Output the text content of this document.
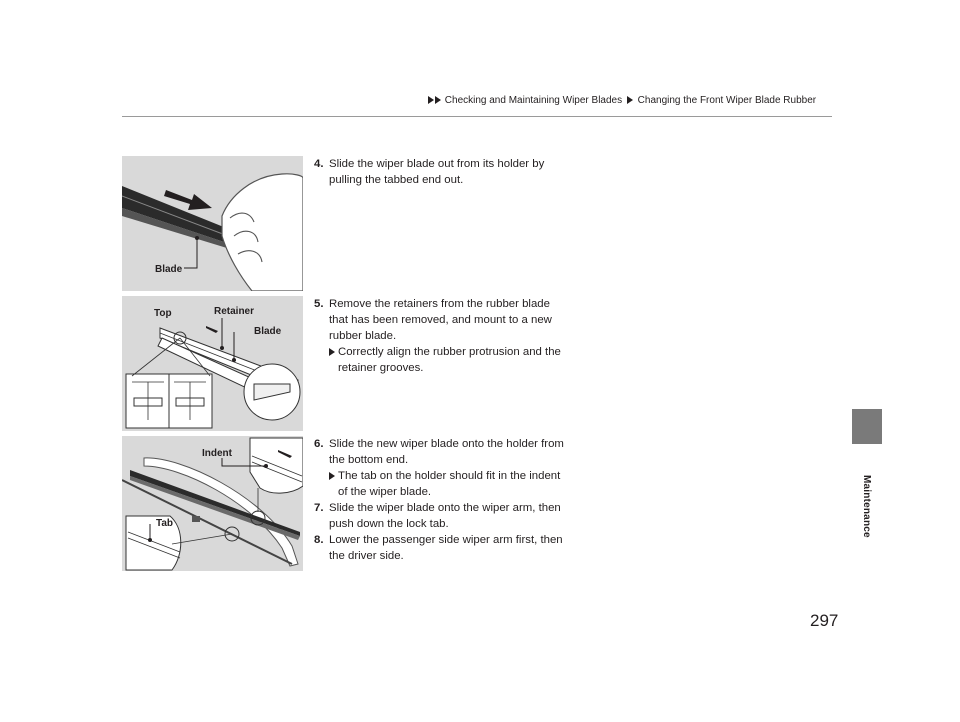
Checking and Maintaining Wiper Blades Changing the Front Wiper Blade Rubber
Maintenance
Blade
Top	Retainer
Blade
Indent
Tab
4. Slide the wiper blade out from its holder by pulling the tabbed end out.
5. Remove the retainers from the rubber blade that has been removed, and mount to a new rubber blade.
Correctly align the rubber protrusion and the retainer grooves.
6. Slide the new wiper blade onto the holder from the bottom end.
The tab on the holder should fit in the indent of the wiper blade.
7. Slide the wiper blade onto the wiper arm, then push down the lock tab.
8. Lower the passenger side wiper arm first, then the driver side.
297
